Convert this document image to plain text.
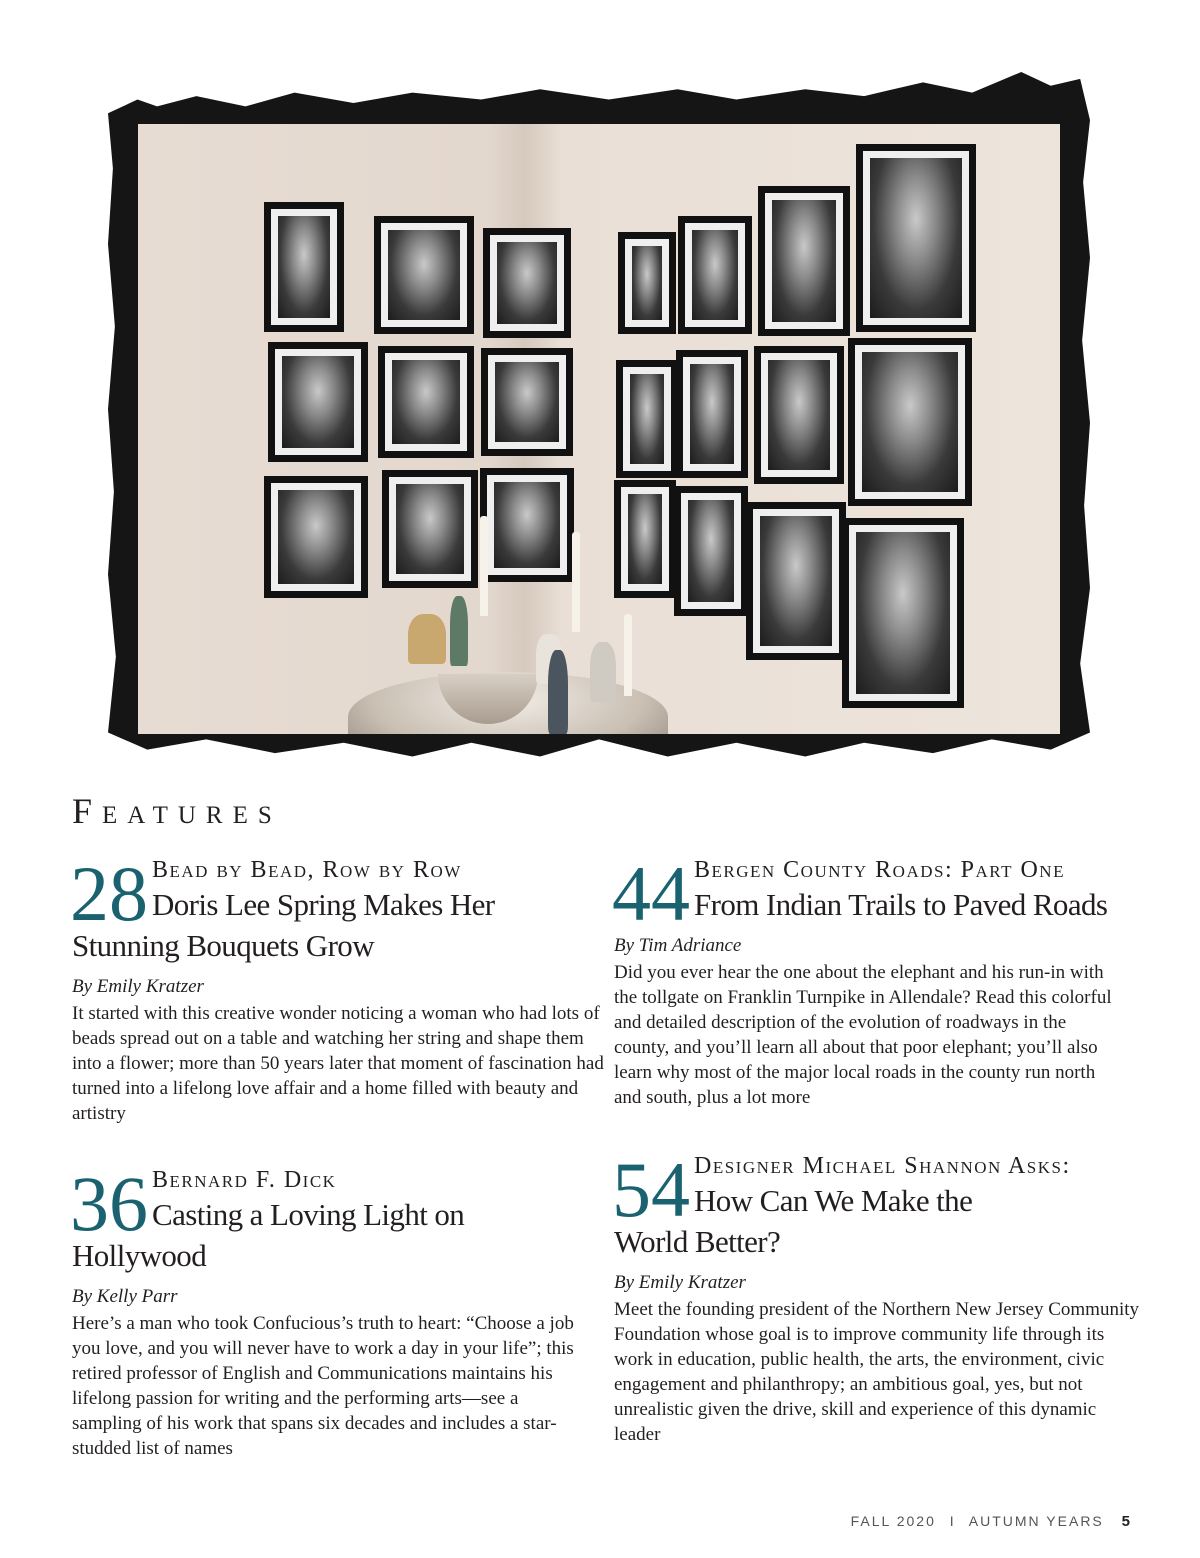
Features
28 Bead by Bead, Row by Row
Doris Lee Spring Makes Her Stunning Bouquets Grow
By Emily Kratzer
It started with this creative wonder noticing a woman who had lots of beads spread out on a table and watching her string and shape them into a flower; more than 50 years later that moment of fascination had turned into a lifelong love affair and a home filled with beauty and artistry
44 Bergen County Roads: Part One
From Indian Trails to Paved Roads
By Tim Adriance
Did you ever hear the one about the elephant and his run-in with the tollgate on Franklin Turnpike in Allendale? Read this colorful and detailed description of the evolution of roadways in the county, and you’ll learn all about that poor elephant; you’ll also learn why most of the major local roads in the county run north and south, plus a lot more
36 Bernard F. Dick
Casting a Loving Light on Hollywood
By Kelly Parr
Here’s a man who took Confucious’s truth to heart: “Choose a job you love, and you will never have to work a day in your life”; this retired professor of English and Communications maintains his lifelong passion for writing and the performing arts—see a sampling of his work that spans six decades and includes a star-studded list of names
54 Designer Michael Shannon Asks:
How Can We Make the World Better?
By Emily Kratzer
Meet the founding president of the Northern New Jersey Community Foundation whose goal is to improve community life through its work in education, public health, the arts, the environment, civic engagement and philanthropy; an ambitious goal, yes, but not unrealistic given the drive, skill and experience of this dynamic leader
FALL 2020 I AUTUMN YEARS 5
